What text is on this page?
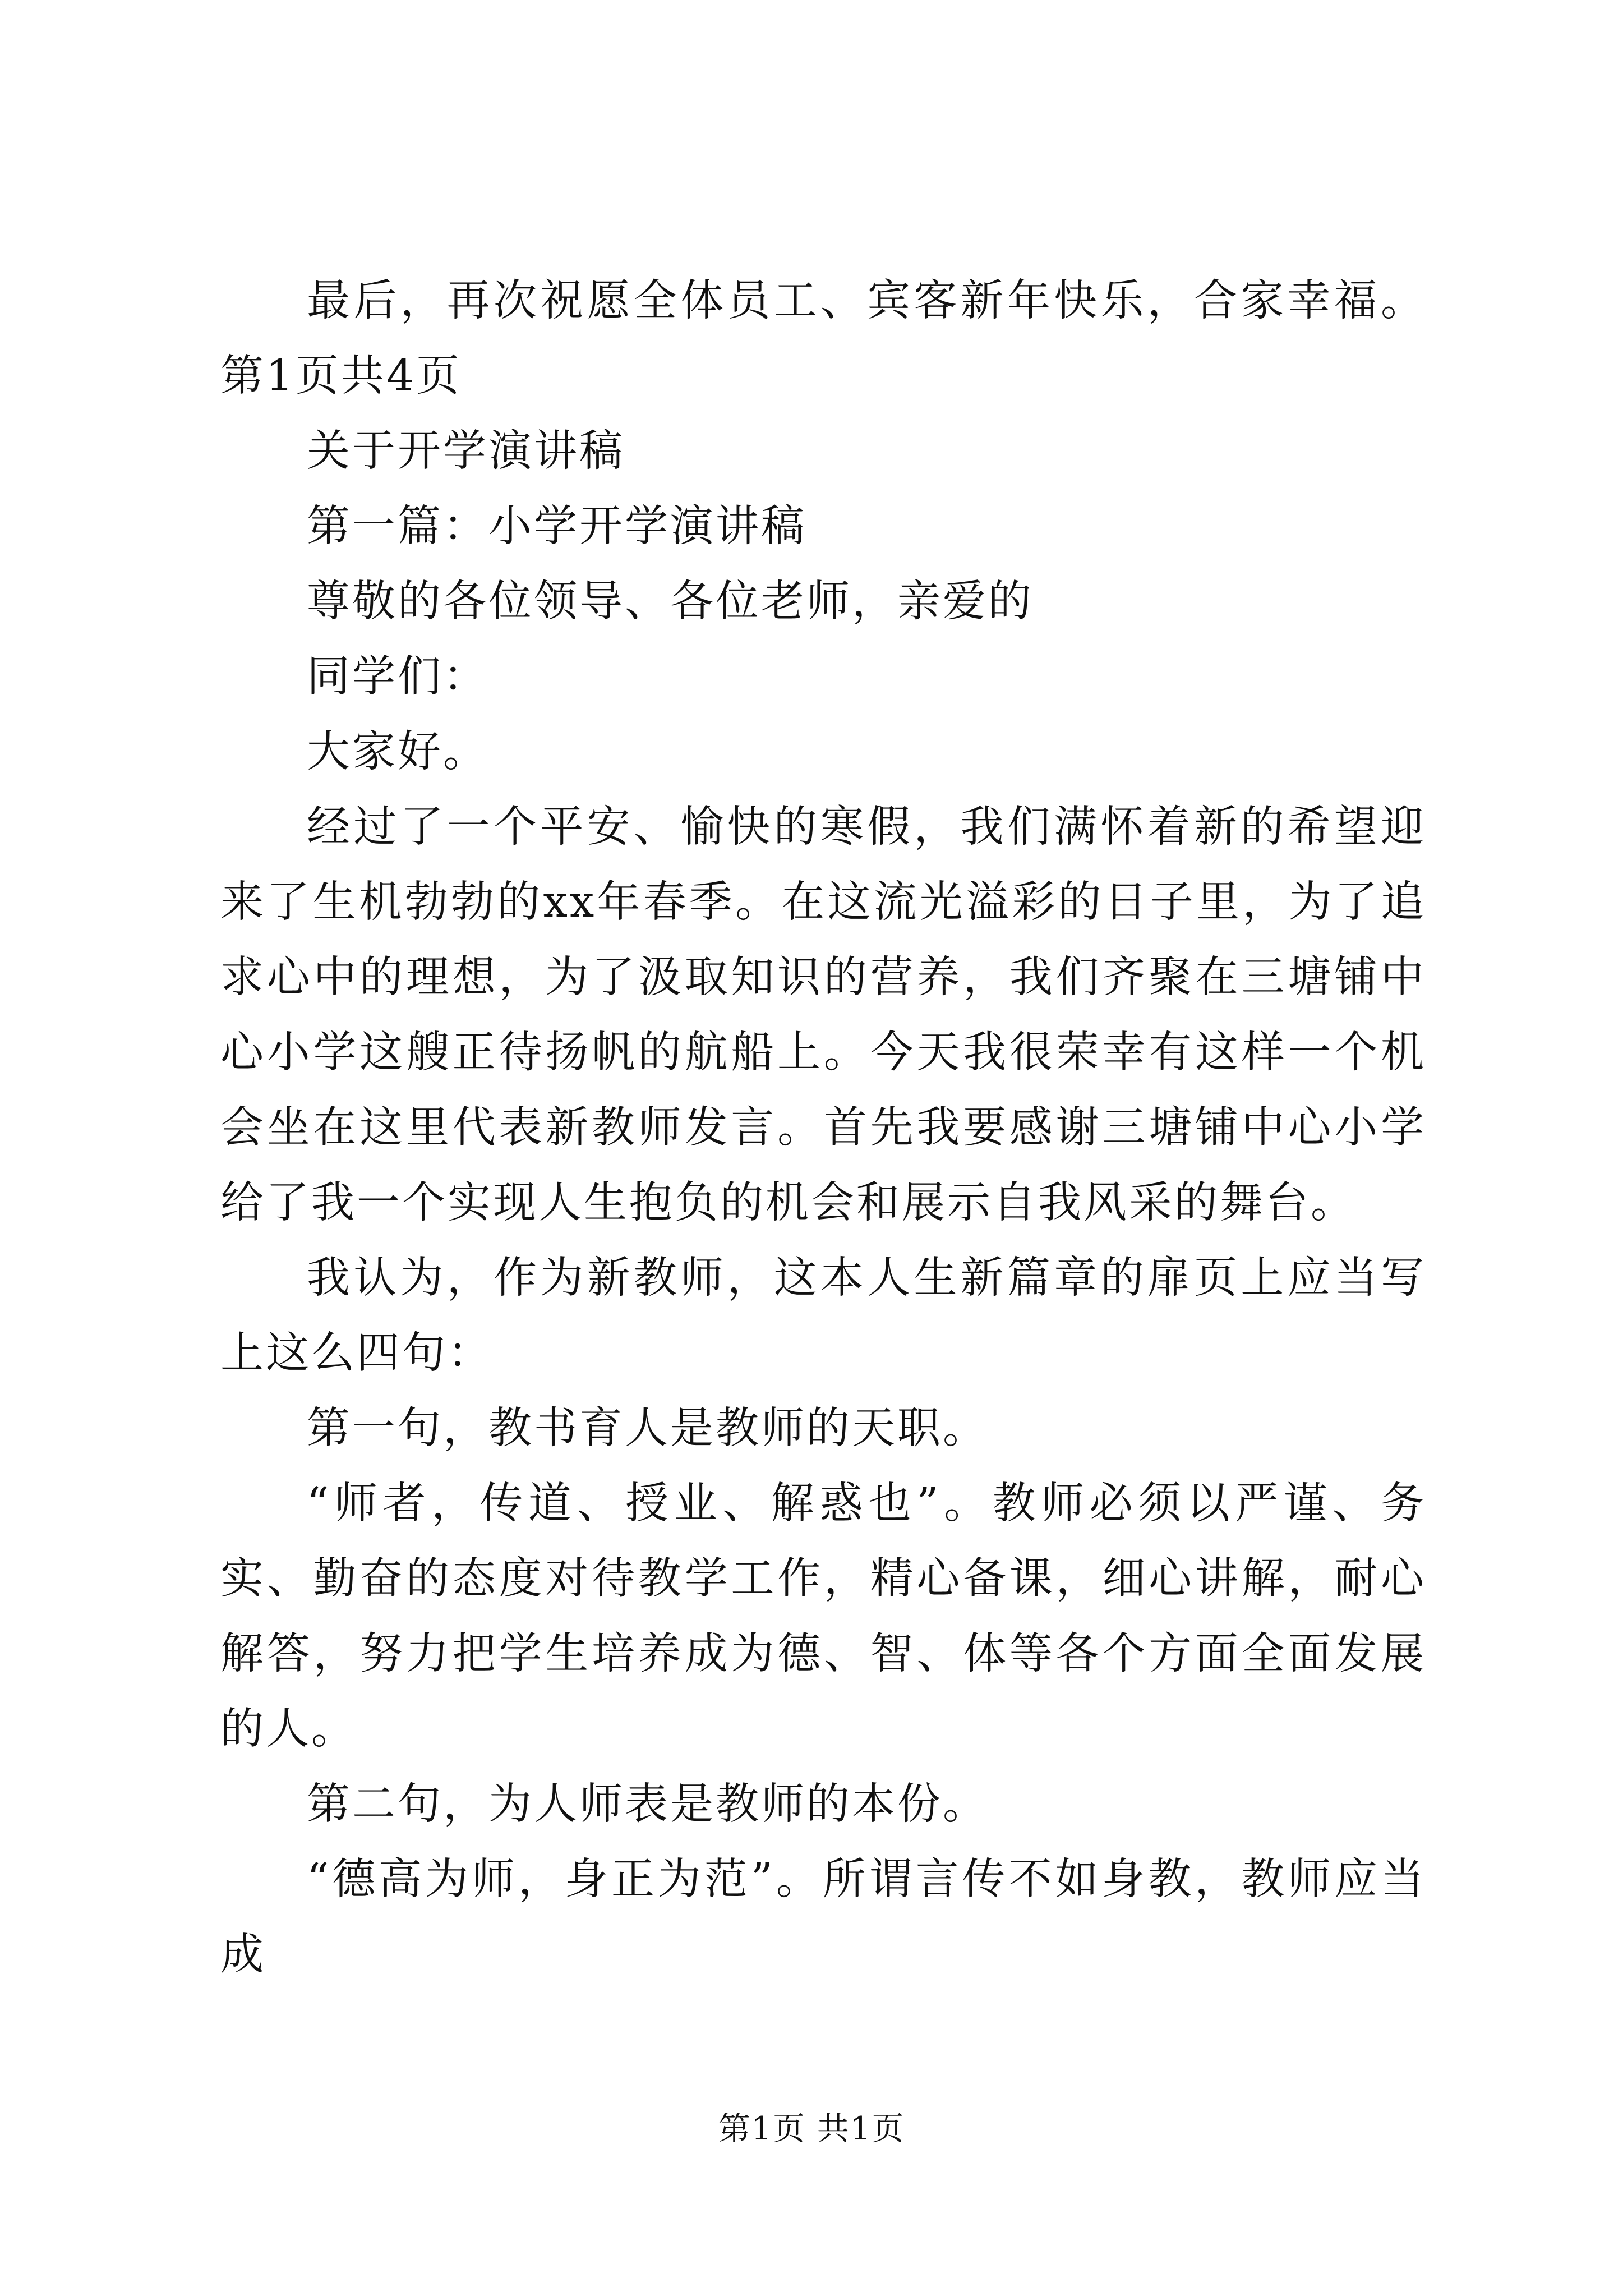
最后，再次祝愿全体员工、宾客新年快乐，合家幸福。第1页共4页

关于开学演讲稿

第一篇：小学开学演讲稿

尊敬的各位领导、各位老师，亲爱的

同学们：

大家好。

经过了一个平安、愉快的寒假，我们满怀着新的希望迎来了生机勃勃的xx年春季。在这流光溢彩的日子里，为了追求心中的理想，为了汲取知识的营养，我们齐聚在三塘铺中心小学这艘正待扬帆的航船上。今天我很荣幸有这样一个机会坐在这里代表新教师发言。首先我要感谢三塘铺中心小学给了我一个实现人生抱负的机会和展示自我风采的舞台。

我认为，作为新教师，这本人生新篇章的扉页上应当写上这么四句：

第一句，教书育人是教师的天职。

“师者，传道、授业、解惑也”。教师必须以严谨、务实、勤奋的态度对待教学工作，精心备课，细心讲解，耐心解答，努力把学生培养成为德、智、体等各个方面全面发展的人。

第二句，为人师表是教师的本份。

“德高为师，身正为范”。所谓言传不如身教，教师应当成

第1页 共1页
